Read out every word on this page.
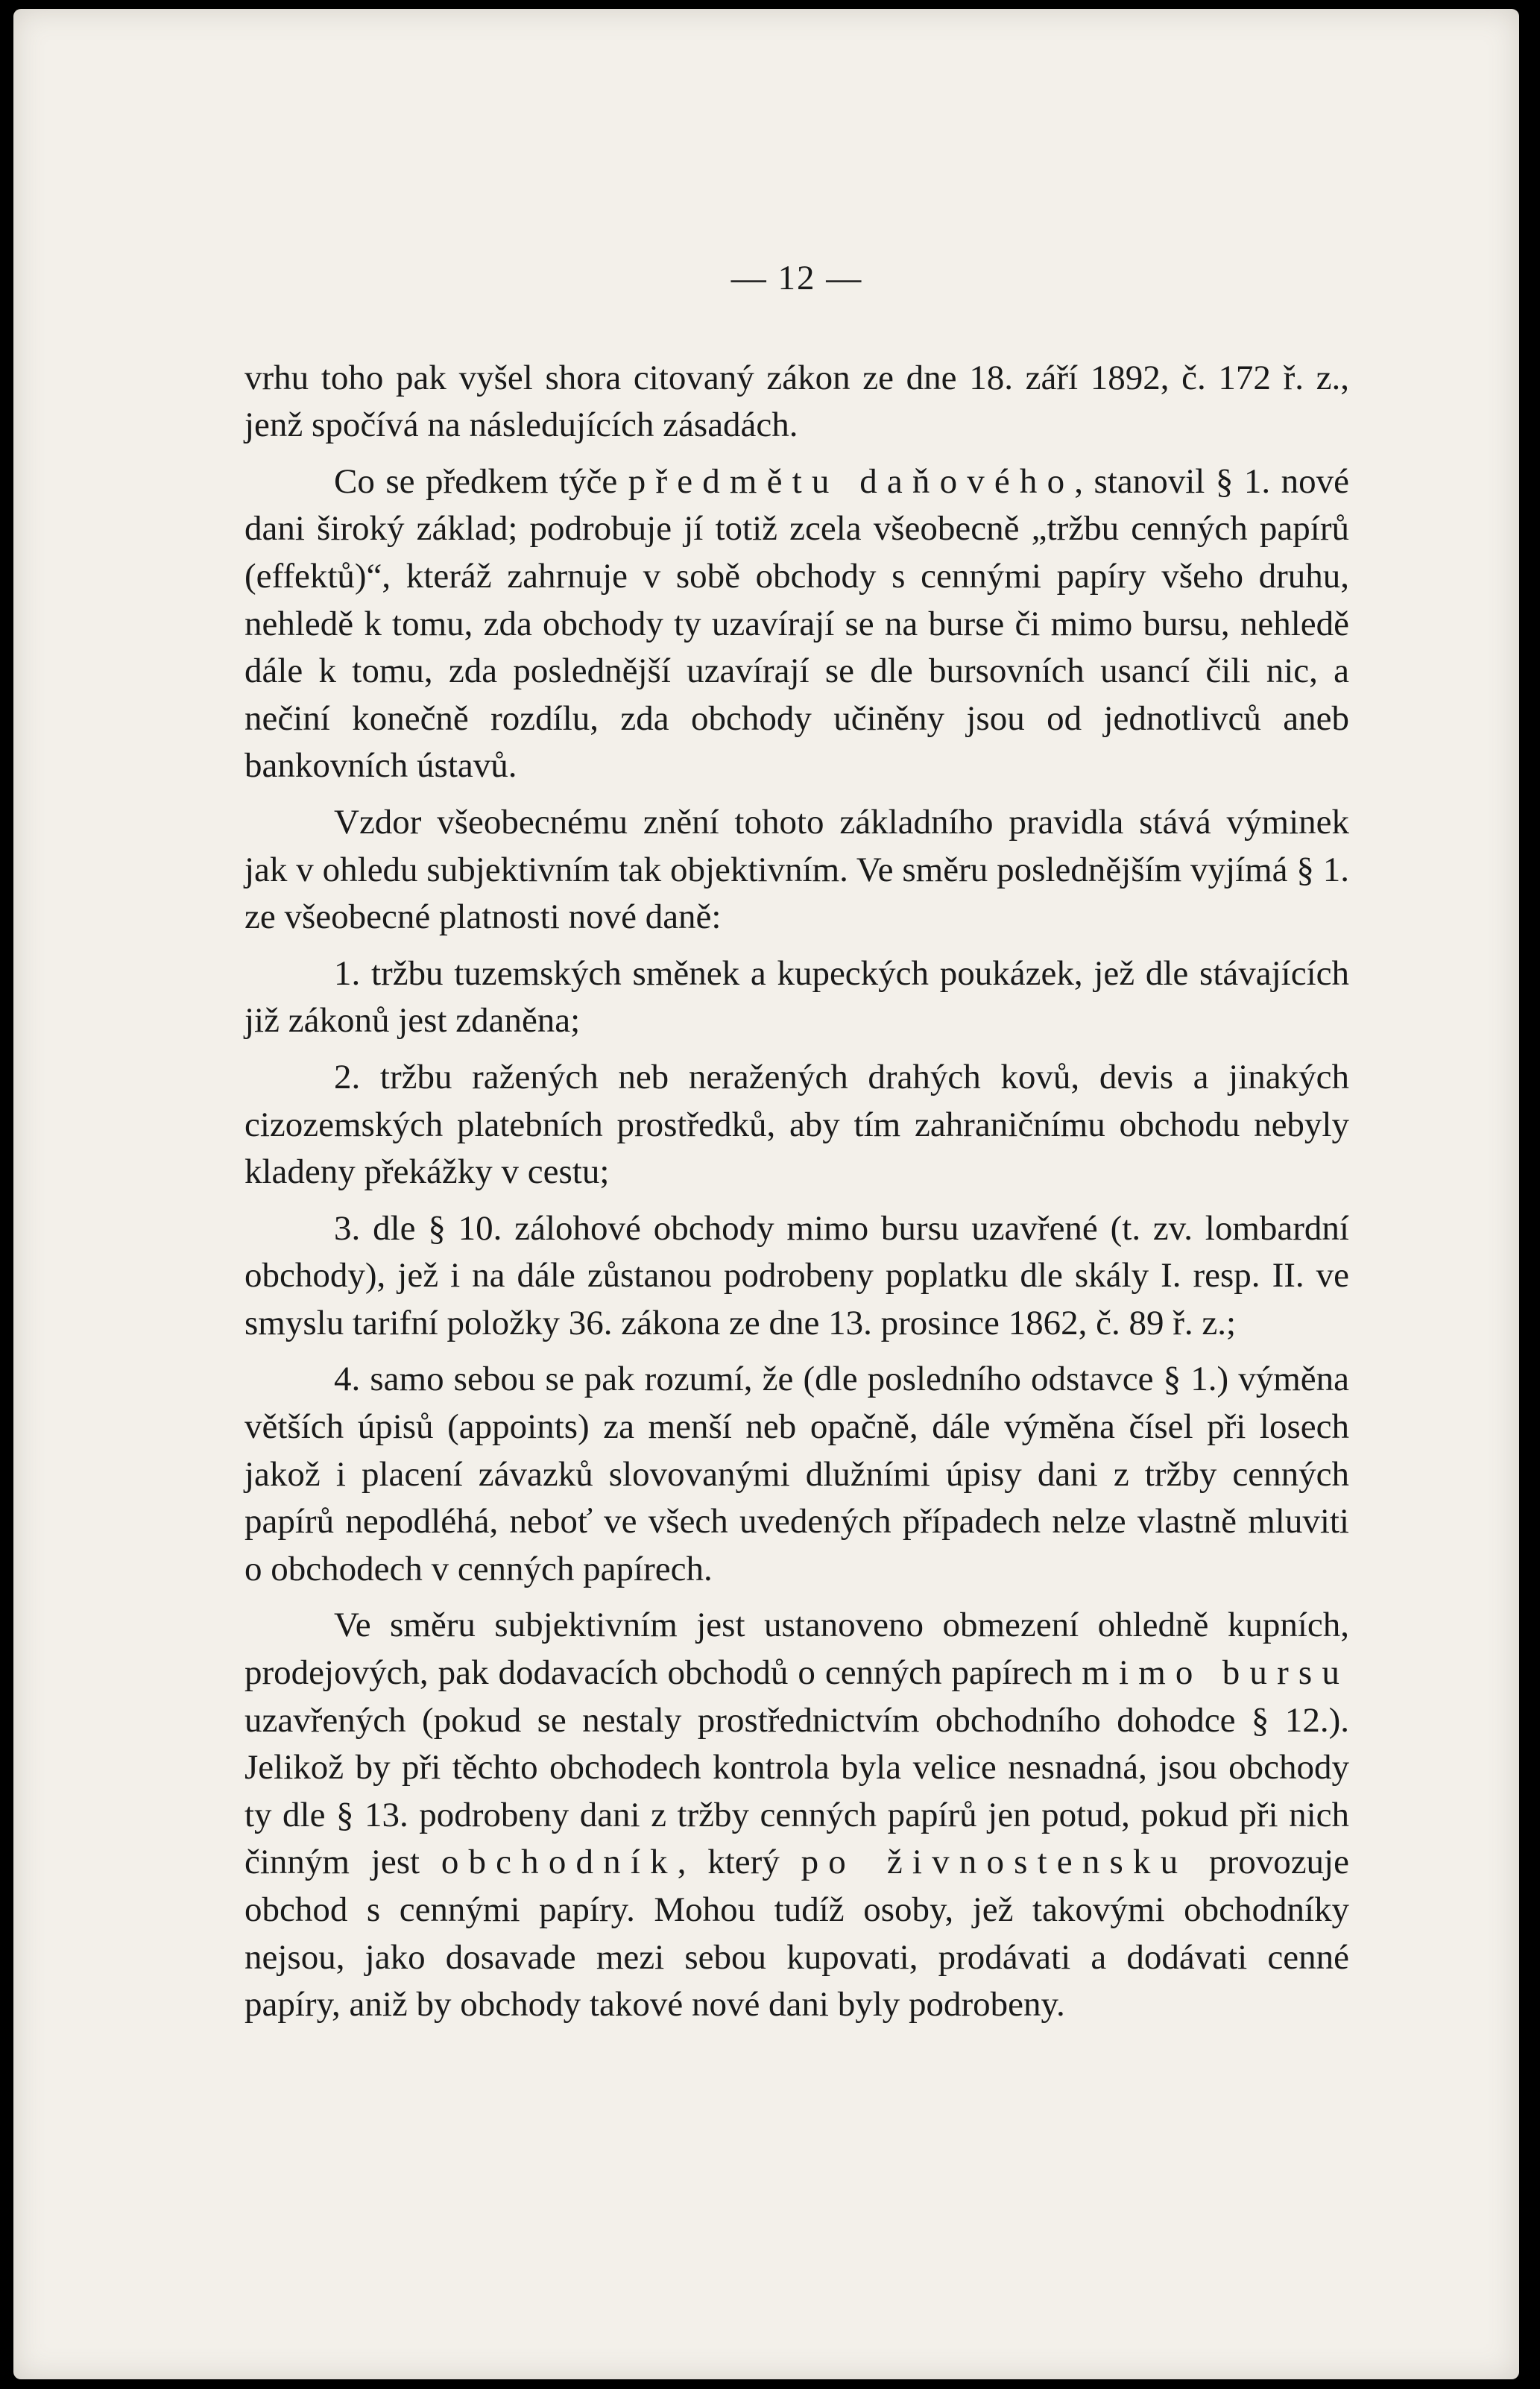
— 12 —

vrhu toho pak vyšel shora citovaný zákon ze dne 18. září 1892, č. 172 ř. z., jenž spočívá na následujících zásadách.

Co se předkem týče předmětu daňového, stanovil § 1. nové dani široký základ; podrobuje jí totiž zcela všeobecně „tržbu cenných papírů (effektů)“, kteráž zahrnuje v sobě obchody s cennými papíry všeho druhu, nehledě k tomu, zda obchody ty uzavírají se na burse či mimo bursu, nehledě dále k tomu, zda poslednější uzavírají se dle bursovních usancí čili nic, a nečiní konečně rozdílu, zda obchody učiněny jsou od jednotlivců aneb bankovních ústavů.

Vzdor všeobecnému znění tohoto základního pravidla stává výminek jak v ohledu subjektivním tak objektivním. Ve směru poslednějším vyjímá § 1. ze všeobecné platnosti nové daně:

1. tržbu tuzemských směnek a kupeckých poukázek, jež dle stávajících již zákonů jest zdaněna;

2. tržbu ražených neb neražených drahých kovů, devis a jinakých cizozemských platebních prostředků, aby tím zahraničnímu obchodu nebyly kladeny překážky v cestu;

3. dle § 10. zálohové obchody mimo bursu uzavřené (t. zv. lombardní obchody), jež i na dále zůstanou podrobeny poplatku dle skály I. resp. II. ve smyslu tarifní položky 36. zákona ze dne 13. prosince 1862, č. 89 ř. z.;

4. samo sebou se pak rozumí, že (dle posledního odstavce § 1.) výměna větších úpisů (appoints) za menší neb opačně, dále výměna čísel při losech jakož i placení závazků slovovanými dlužními úpisy dani z tržby cenných papírů nepodléhá, neboť ve všech uvedených případech nelze vlastně mluviti o obchodech v cenných papírech.

Ve směru subjektivním jest ustanoveno obmezení ohledně kupních, prodejových, pak dodavacích obchodů o cenných papírech mimo bursu uzavřených (pokud se nestaly prostřednictvím obchodního dohodce § 12.). Jelikož by při těchto obchodech kontrola byla velice nesnadná, jsou obchody ty dle § 13. podrobeny dani z tržby cenných papírů jen potud, pokud při nich činným jest obchodník, který po živnostensku provozuje obchod s cennými papíry. Mohou tudíž osoby, jež takovými obchodníky nejsou, jako dosavade mezi sebou kupovati, prodávati a dodávati cenné papíry, aniž by obchody takové nové dani byly podrobeny.
